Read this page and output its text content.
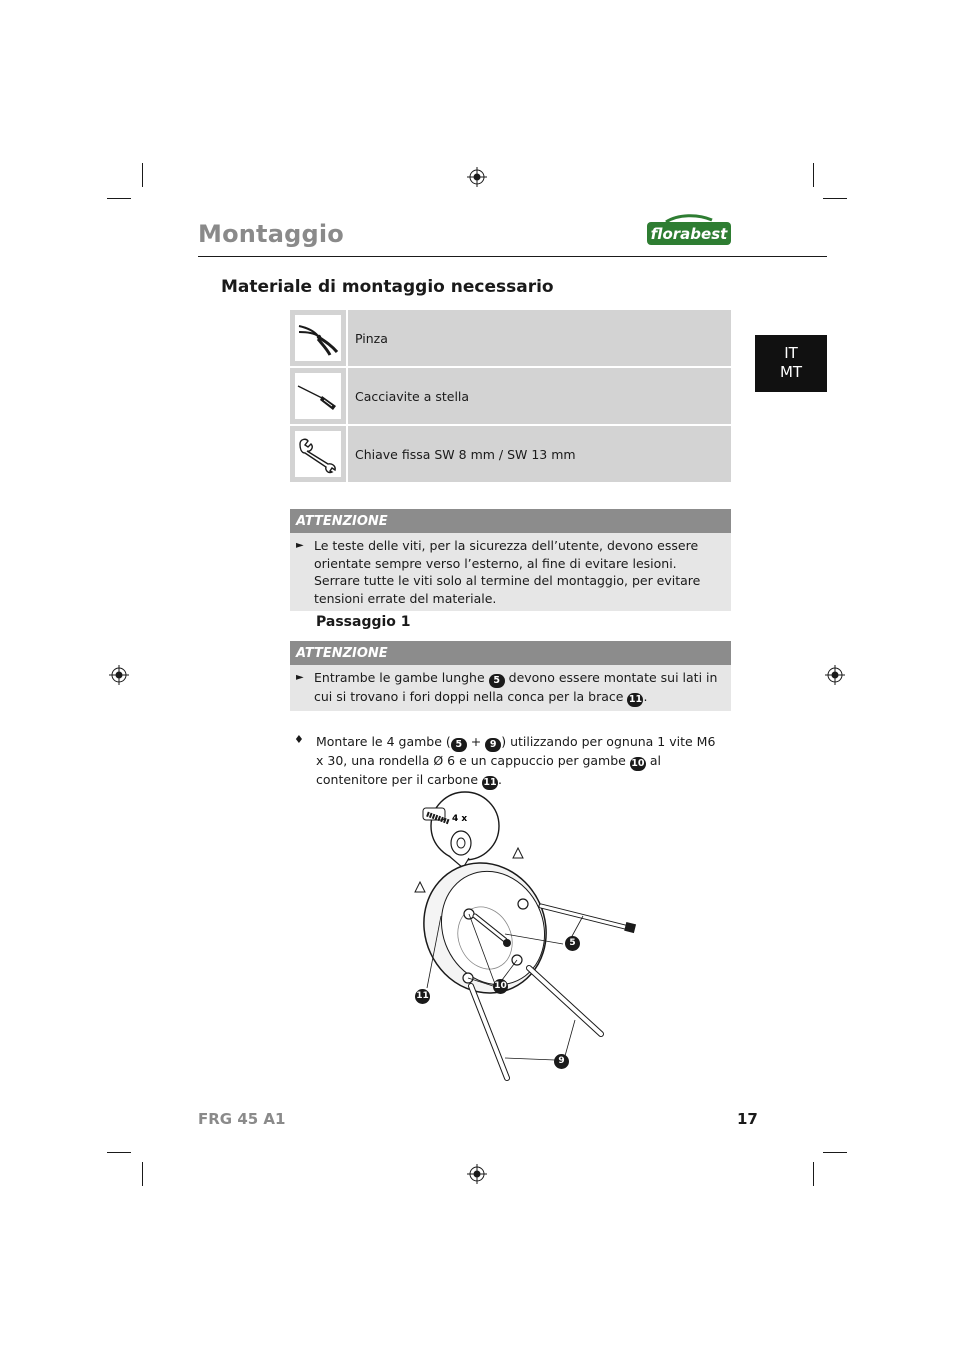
Montaggio	florabest
IT
MT
Materiale di montaggio necessario
Pinza
Cacciavite a stella
Chiave fissa SW 8 mm / SW 13 mm
ATTENZIONE
► Le teste delle viti, per la sicurezza dell’utente, devono essere orientate sempre verso l’esterno, al fine di evitare lesioni. Serrare tutte le viti solo al termine del montaggio, per evitare tensioni errate del materiale.
Passaggio 1
ATTENZIONE
► Entrambe le gambe lunghe 5 devono essere montate sui lati in cui si trovano i fori doppi nella conca per la brace 11.
♦ Montare le 4 gambe ( 5 + 9 ) utilizzando per ognuna 1 vite M6 x 30, una rondella Ø 6 e un cappuccio per gambe 10 al contenitore per il carbone 11.
4 x
5
10
11
9
FRG 45 A1	17
